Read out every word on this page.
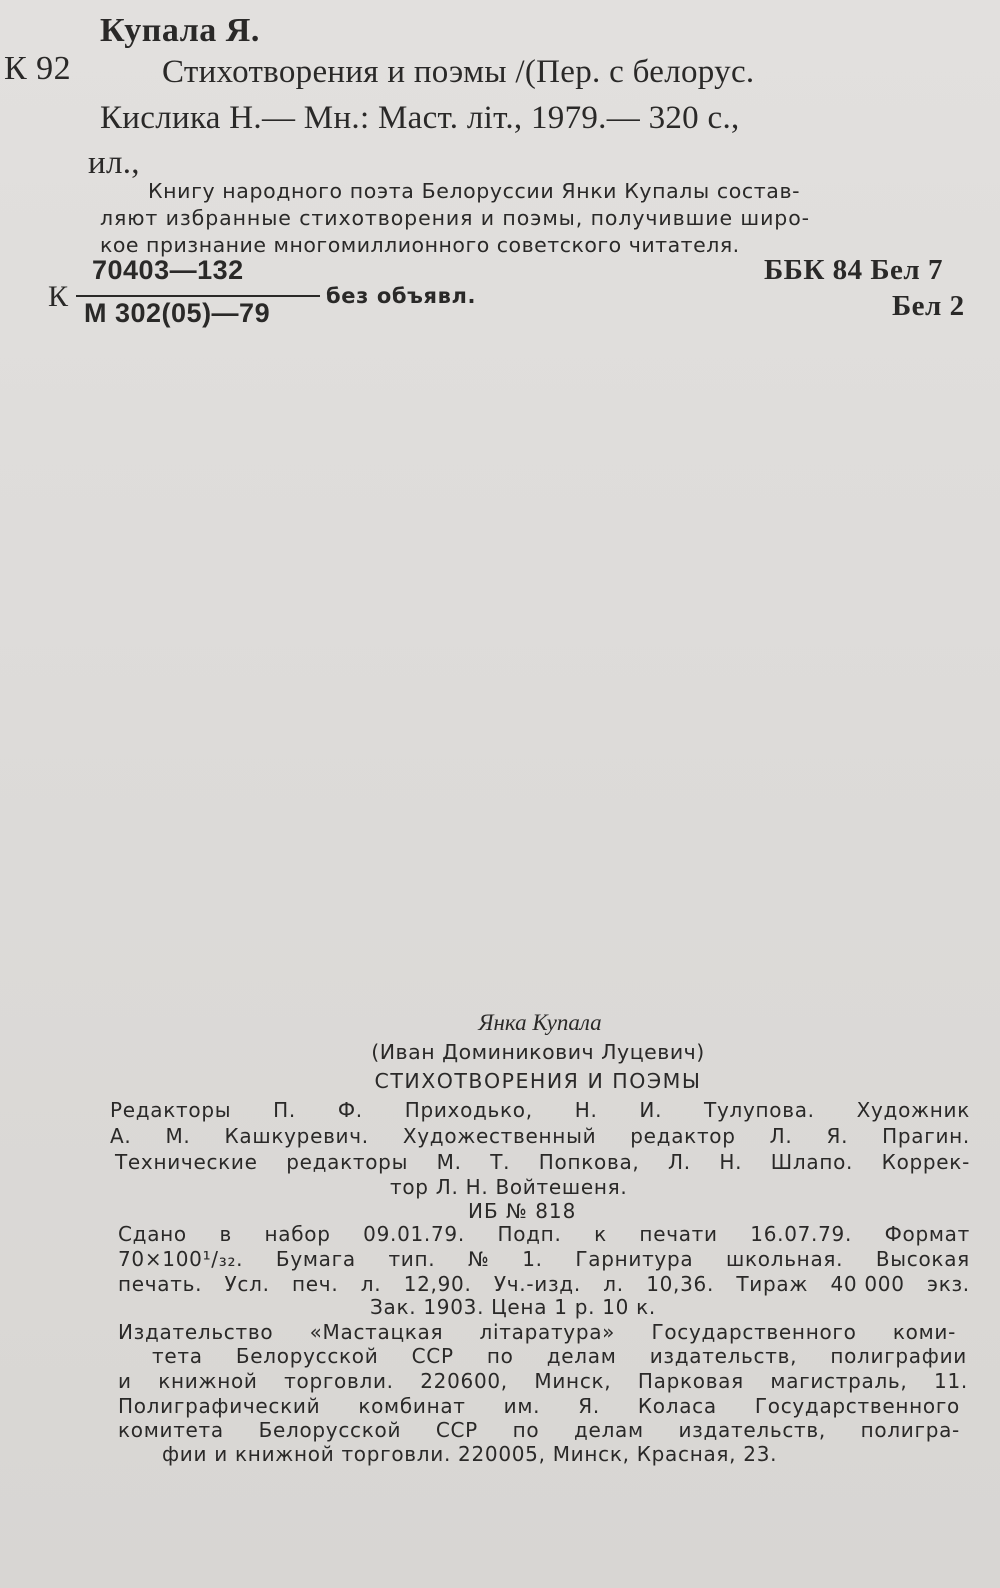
Купала Я.
К 92	Стихотворения и поэмы /(Пер. с белорус.
Кислика Н.— Мн.: Маст. літ., 1979.— 320 с.,
ил.,
Книгу народного поэта Белоруссии Янки Купалы состав-
ляют избранные стихотворения и поэмы, получившие широ-
кое признание многомиллионного советского читателя.
К
70403—132
М 302(05)—79
без объявл.
ББК 84 Бел 7
Бел 2
Янка Купала
(Иван Доминикович Луцевич)
СТИХОТВОРЕНИЯ И ПОЭМЫ
Редакторы П. Ф. Приходько, Н. И. Тулупова. Художник
А. М. Кашкуревич. Художественный редактор Л. Я. Прагин.
Технические редакторы М. Т. Попкова, Л. Н. Шлапо. Коррек-
тор Л. Н. Войтешеня.
ИБ № 818
Сдано в набор 09.01.79. Подп. к печати 16.07.79. Формат
70×100¹/₃₂. Бумага тип. № 1. Гарнитура школьная. Высокая
печать. Усл. печ. л. 12,90. Уч.-изд. л. 10,36. Тираж 40 000 экз.
Зак. 1903. Цена 1 р. 10 к.
Издательство «Мастацкая літаратура» Государственного коми-
тета Белорусской ССР по делам издательств, полиграфии
и книжной торговли. 220600, Минск, Парковая магистраль, 11.
Полиграфический комбинат им. Я. Коласа Государственного
комитета Белорусской ССР по делам издательств, полигра-
фии и книжной торговли. 220005, Минск, Красная, 23.
